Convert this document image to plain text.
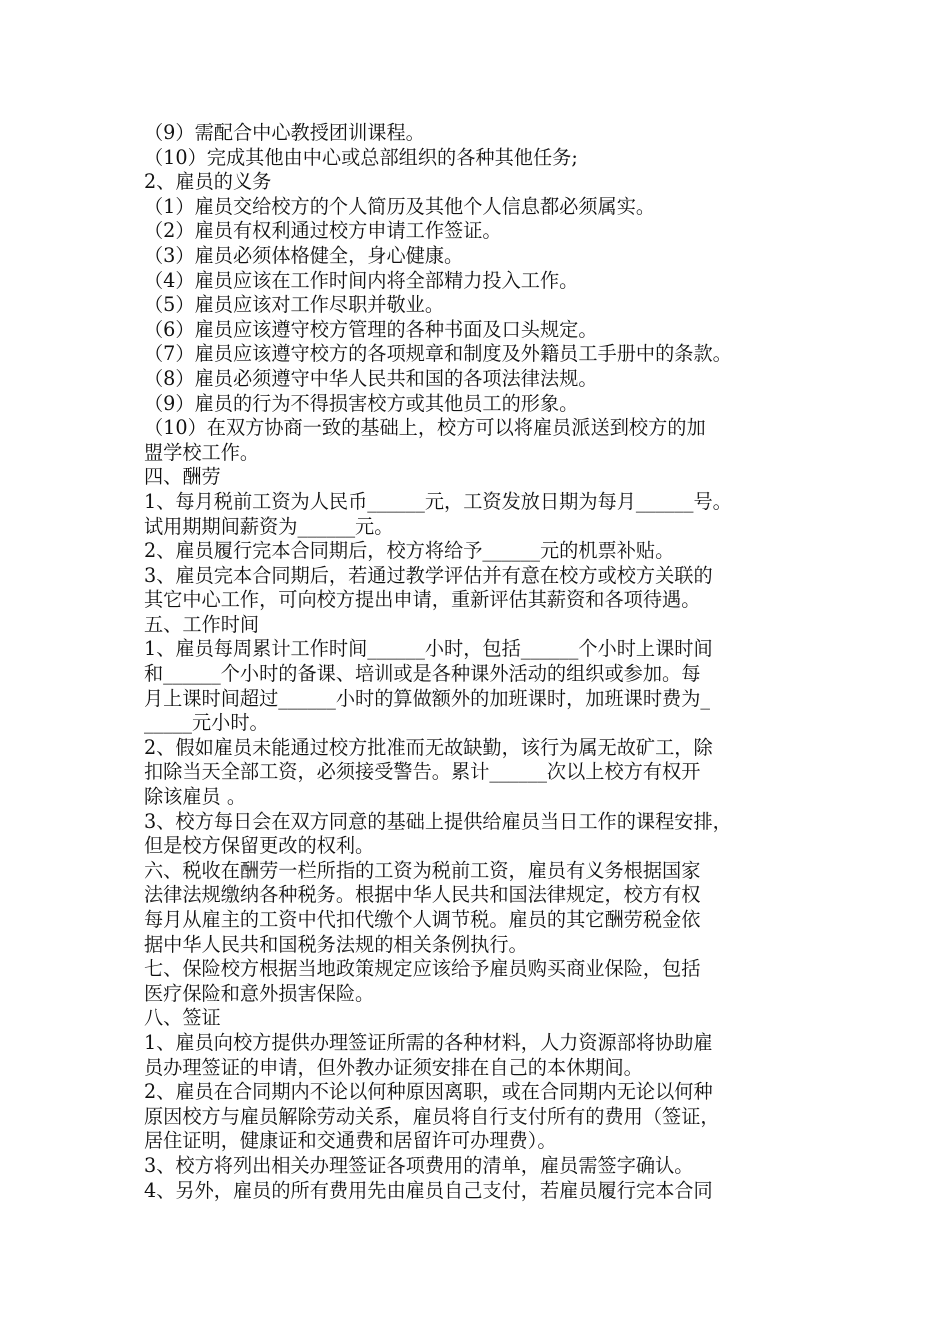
（9）需配合中心教授团训课程。
（10）完成其他由中心或总部组织的各种其他任务;
2、雇员的义务
（1）雇员交给校方的个人简历及其他个人信息都必须属实。
（2）雇员有权利通过校方申请工作签证。
（3）雇员必须体格健全，身心健康。
（4）雇员应该在工作时间内将全部精力投入工作。
（5）雇员应该对工作尽职并敬业。
（6）雇员应该遵守校方管理的各种书面及口头规定。
（7）雇员应该遵守校方的各项规章和制度及外籍员工手册中的条款。
（8）雇员必须遵守中华人民共和国的各项法律法规。
（9）雇员的行为不得损害校方或其他员工的形象。
（10）在双方协商一致的基础上，校方可以将雇员派送到校方的加
盟学校工作。
四、酬劳
1、每月税前工资为人民币______元，工资发放日期为每月______号。
试用期期间薪资为______元。
2、雇员履行完本合同期后，校方将给予______元的机票补贴。
3、雇员完本合同期后，若通过教学评估并有意在校方或校方关联的
其它中心工作，可向校方提出申请，重新评估其薪资和各项待遇。
五、工作时间
1、雇员每周累计工作时间______小时，包括______个小时上课时间
和______个小时的备课、培训或是各种课外活动的组织或参加。每
月上课时间超过______小时的算做额外的加班课时，加班课时费为_
_____元小时。
2、假如雇员未能通过校方批准而无故缺勤，该行为属无故矿工，除
扣除当天全部工资，必须接受警告。累计______次以上校方有权开
除该雇员 。
3、校方每日会在双方同意的基础上提供给雇员当日工作的课程安排，
但是校方保留更改的权利。
六、税收在酬劳一栏所指的工资为税前工资，雇员有义务根据国家
法律法规缴纳各种税务。根据中华人民共和国法律规定，校方有权
每月从雇主的工资中代扣代缴个人调节税。雇员的其它酬劳税金依
据中华人民共和国税务法规的相关条例执行。
七、保险校方根据当地政策规定应该给予雇员购买商业保险，包括
医疗保险和意外损害保险。
八、签证
1、雇员向校方提供办理签证所需的各种材料，人力资源部将协助雇
员办理签证的申请，但外教办证须安排在自己的本休期间。
2、雇员在合同期内不论以何种原因离职，或在合同期内无论以何种
原因校方与雇员解除劳动关系，雇员将自行支付所有的费用（签证，
居住证明，健康证和交通费和居留许可办理费）。
3、校方将列出相关办理签证各项费用的清单，雇员需签字确认。
4、另外，雇员的所有费用先由雇员自己支付，若雇员履行完本合同
